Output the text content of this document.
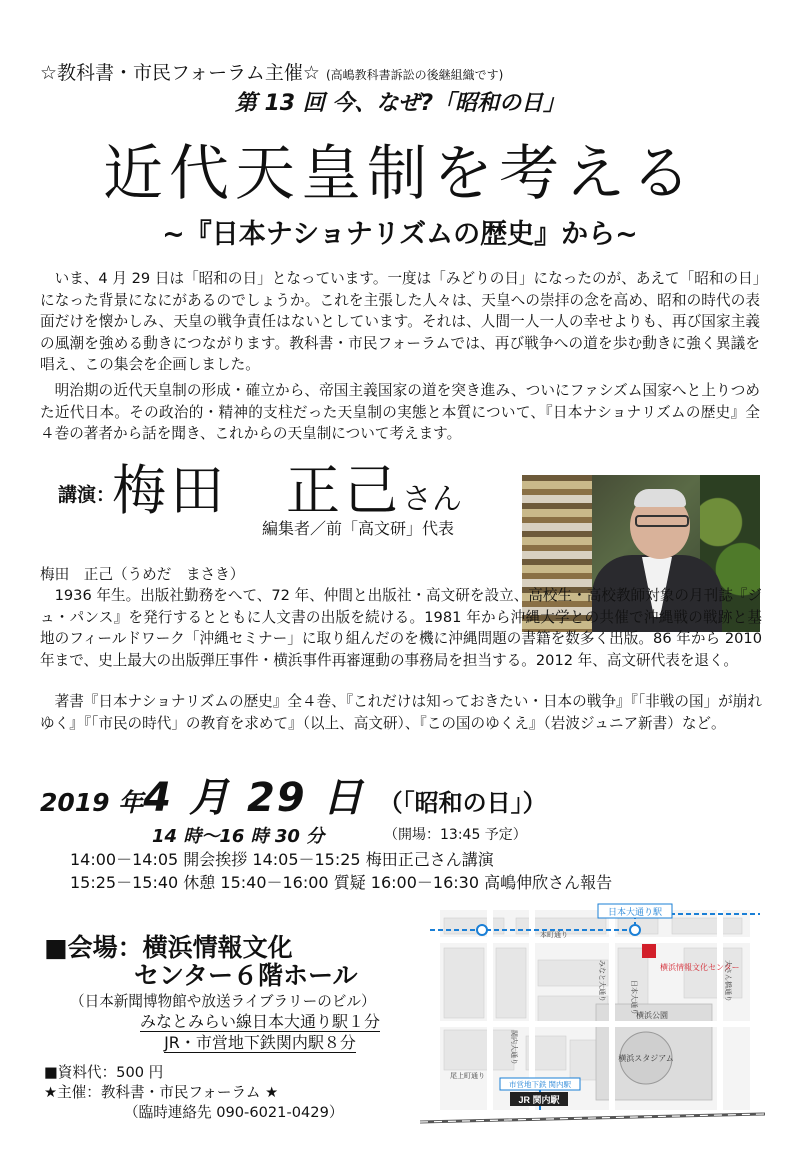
☆教科書・市民フォーラム主催☆ (高嶋教科書訴訟の後継組織です)
第 13 回 今、なぜ?「昭和の日」
近代天皇制を考える
~『日本ナショナリズムの歴史』から~
いま、4 月 29 日は「昭和の日」となっています。一度は「みどりの日」になったのが、あえて「昭和の日」になった背景になにがあるのでしょうか。これを主張した人々は、天皇への崇拝の念を高め、昭和の時代の表面だけを懐かしみ、天皇の戦争責任はないとしています。それは、人間一人一人の幸せよりも、再び国家主義の風潮を強める動きにつながります。教科書・市民フォーラムでは、再び戦争への道を歩む動きに強く異議を唱え、この集会を企画しました。
明治期の近代天皇制の形成・確立から、帝国主義国家の道を突き進み、ついにファシズム国家へと上りつめた近代日本。その政治的・精神的支柱だった天皇制の実態と本質について、『日本ナショナリズムの歴史』全４巻の著者から話を聞き、これからの天皇制について考えます。
講演：
梅田　正己さん
編集者／前「高文研」代表
梅田　正己（うめだ　まさき）
1936 年生。出版社勤務をへて、72 年、仲間と出版社・高文研を設立、高校生・高校教師対象の月刊誌『ジュ・パンス』を発行するとともに人文書の出版を続ける。1981 年から沖縄大学との共催で沖縄戦の戦跡と基地のフィールドワーク「沖縄セミナー」に取り組んだのを機に沖縄問題の書籍を数多く出版。86 年から 2010 年まで、史上最大の出版弾圧事件・横浜事件再審運動の事務局を担当する。2012 年、高文研代表を退く。
著書『日本ナショナリズムの歴史』全４巻、『これだけは知っておきたい・日本の戦争』『「非戦の国」が崩れゆく』『「市民の時代」の教育を求めて』（以上、高文研）、『この国のゆくえ』（岩波ジュニア新書）など。
2019 年4 月 29 日 （「昭和の日」）
14 時～16 時 30 分	（開場：13:45 予定）
14:00－14:05 開会挨拶 14:05－15:25 梅田正己さん講演
15:25－15:40 休憩 15:40－16:00 質疑 16:00－16:30 高嶋伸欣さん報告
■会場：横浜情報文化
センター６階ホール
（日本新聞博物館や放送ライブラリーのビル）
みなとみらい線日本大通り駅１分
JR・市営地下鉄関内駅８分
■資料代：500 円
★主催：教科書・市民フォーラム ★
（臨時連絡先 090-6021-0429）
日本大通り駅
横浜情報文化センター
横浜公園
横浜スタジアム
市営地下鉄 関内駅
JR 関内駅
日本大通り	大さん橋通り
関内大通り
みなと大通り
尾上町通り
本町通り
